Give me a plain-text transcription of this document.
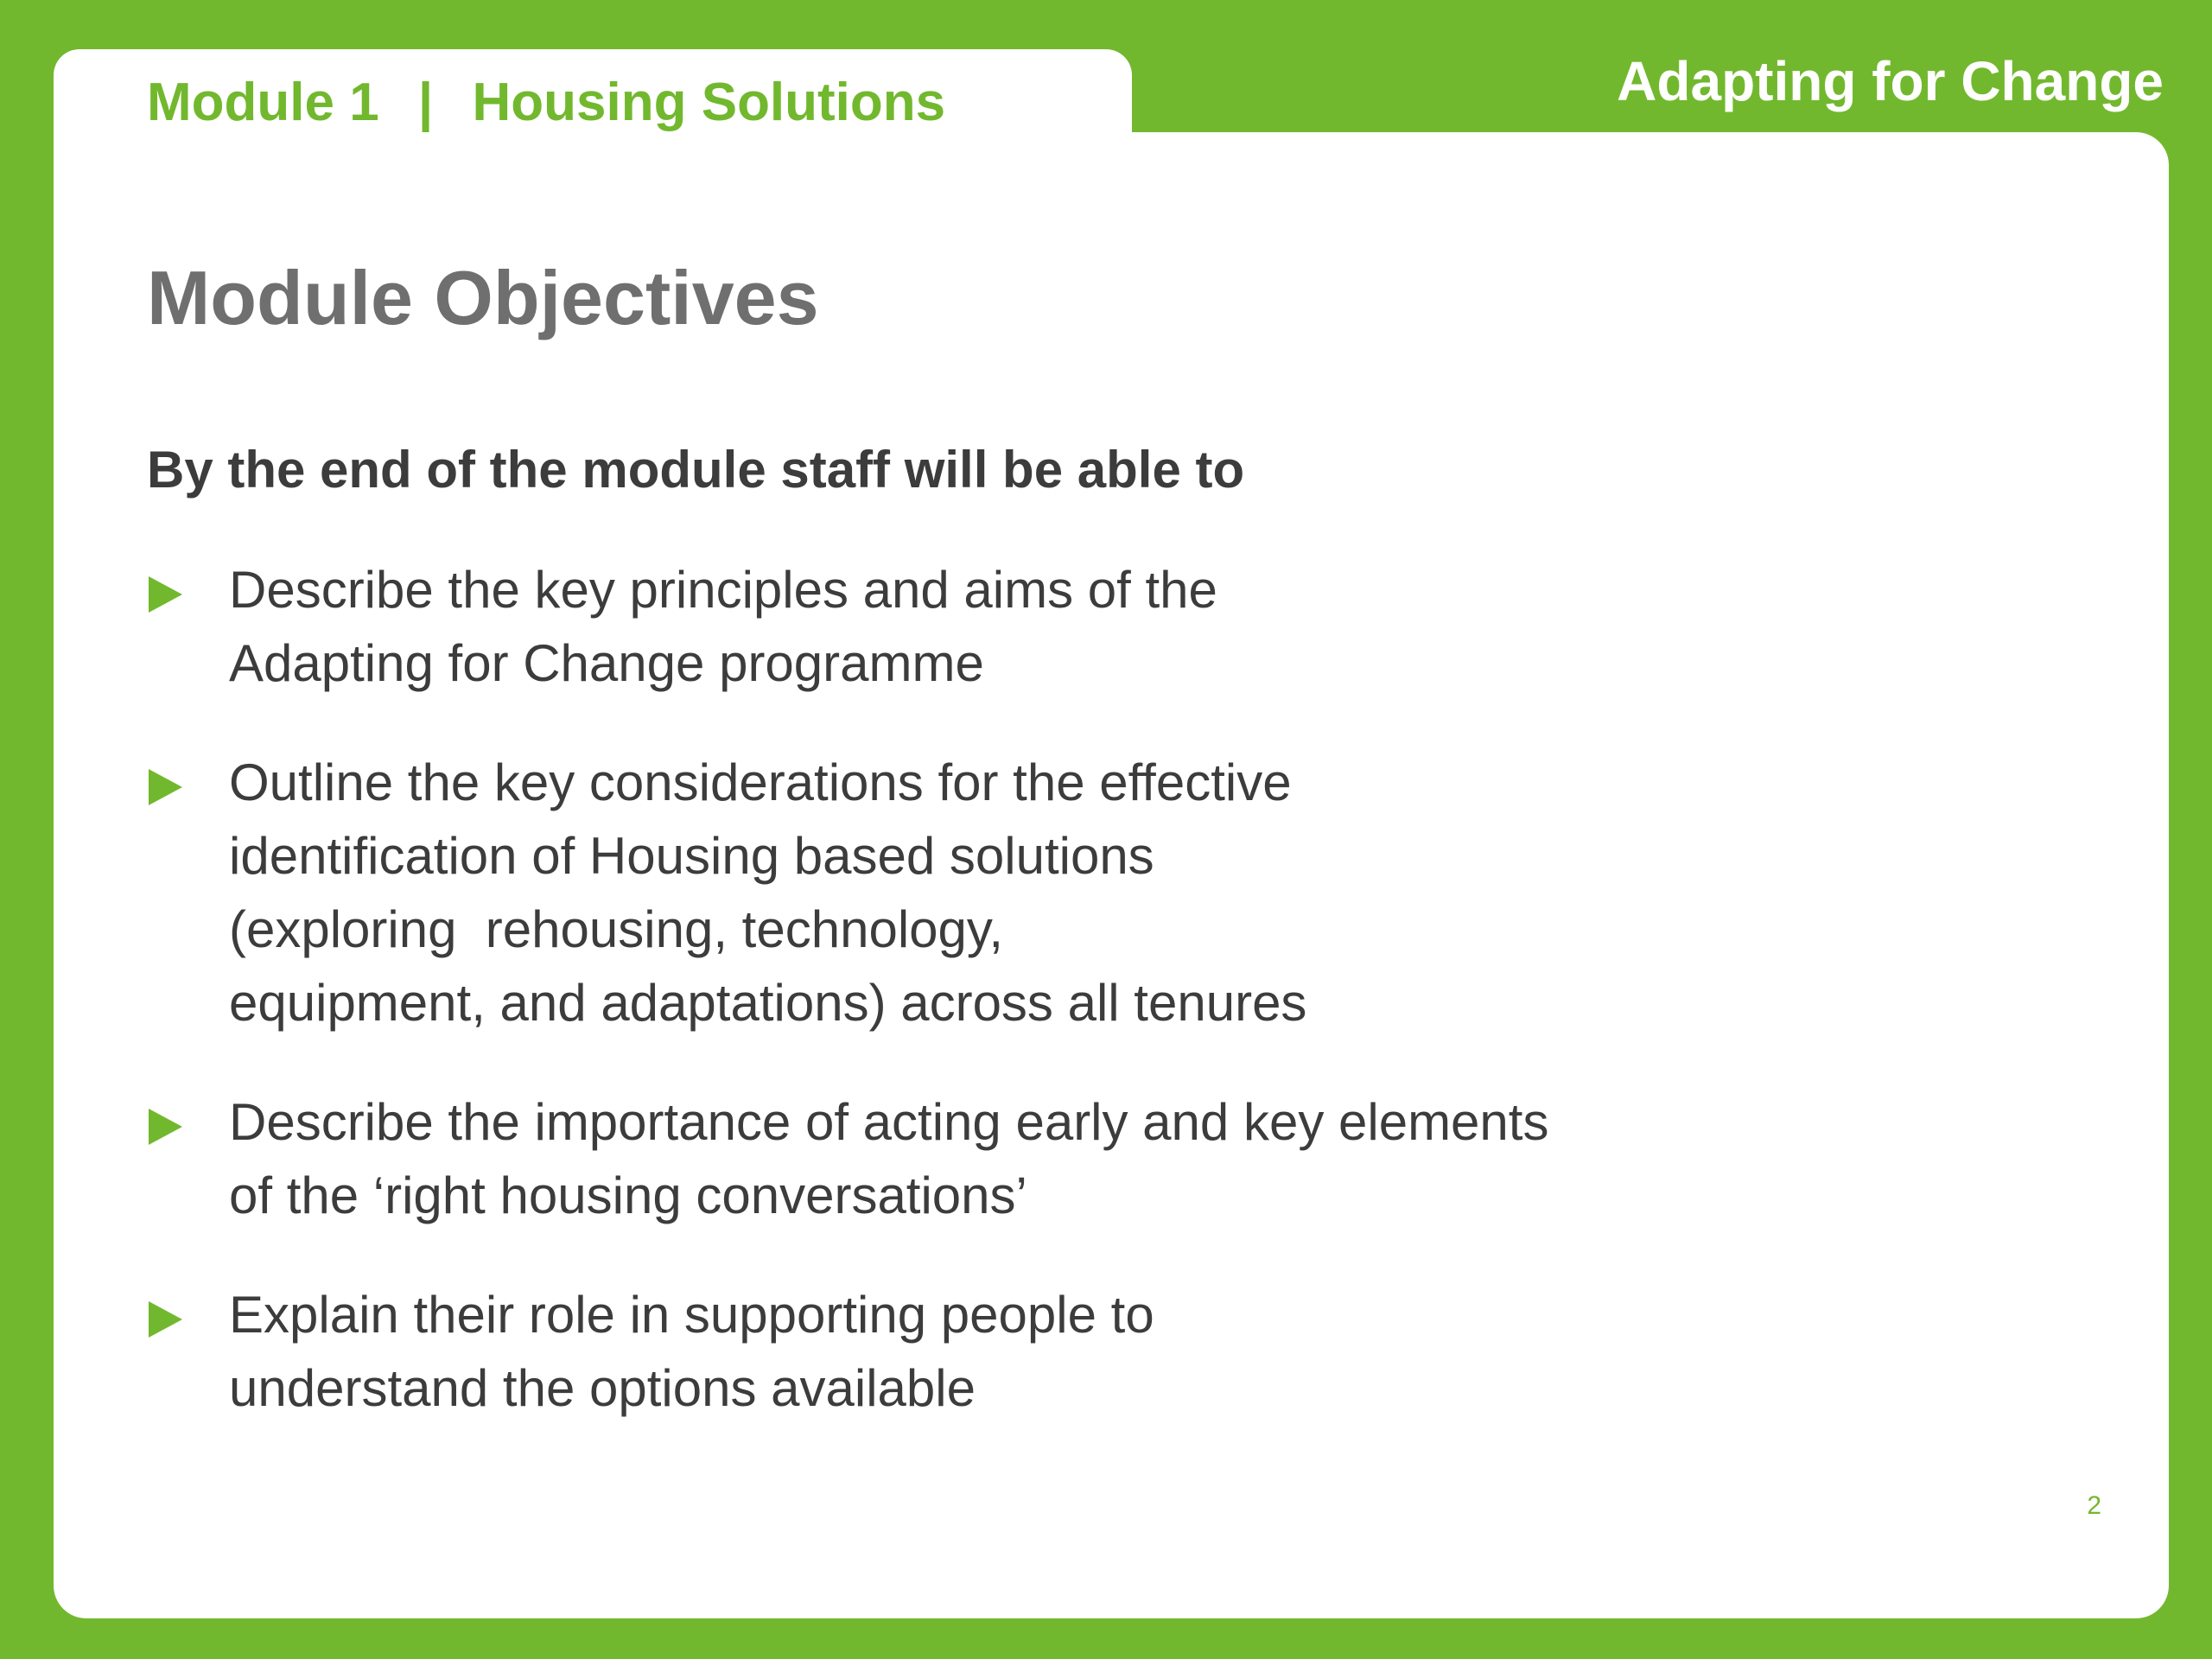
Module 1 | Housing Solutions	Adapting for Change
Module Objectives
By the end of the module staff will be able to
Describe the key principles and aims of the
Adapting for Change programme
Outline the key considerations for the effective
identification of Housing based solutions
(exploring  rehousing, technology,
equipment, and adaptations) across all tenures
Describe the importance of acting early and key elements
of the ‘right housing conversations’
Explain their role in supporting people to
understand the options available
2
